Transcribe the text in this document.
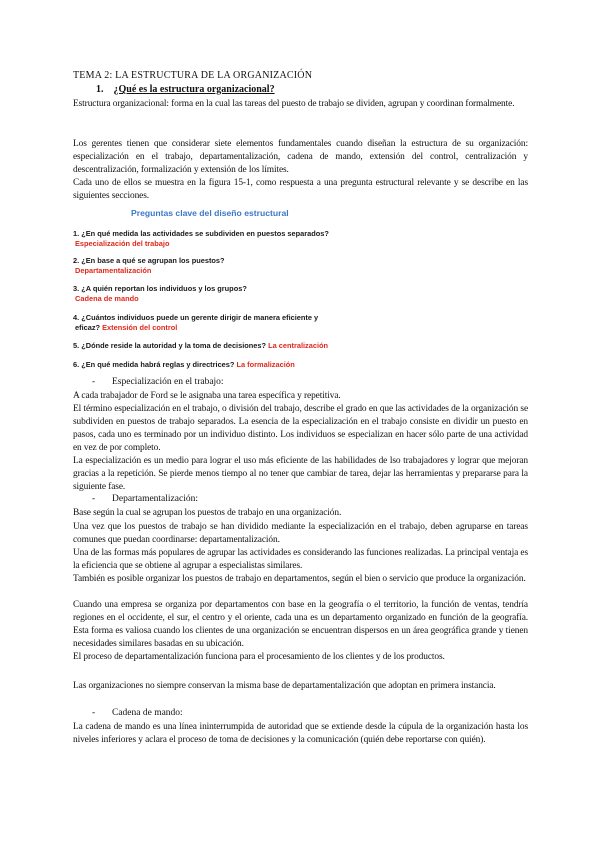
TEMA 2: LA ESTRUCTURA DE LA ORGANIZACIÓN
1. ¿Qué es la estructura organizacional?
Estructura organizacional: forma en la cual las tareas del puesto de trabajo se dividen, agrupan y coordinan formalmente.
Los gerentes tienen que considerar siete elementos fundamentales cuando diseñan la estructura de su organización: especialización en el trabajo, departamentalización, cadena de mando, extensión del control, centralización y descentralización, formalización y extensión de los límites.
Cada uno de ellos se muestra en la figura 15-1, como respuesta a una pregunta estructural relevante y se describe en las siguientes secciones.
Preguntas clave del diseño estructural
1. ¿En qué medida las actividades se subdividen en puestos separados?
Especialización del trabajo
2. ¿En base a qué se agrupan los puestos?
Departamentalización
3. ¿A quién reportan los individuos y los grupos?
Cadena de mando
4. ¿Cuántos individuos puede un gerente dirigir de manera eficiente y
eficaz? Extensión del control
5. ¿Dónde reside la autoridad y la toma de decisiones? La centralización
6. ¿En qué medida habrá reglas y directrices? La formalización
- Especialización en el trabajo:
A cada trabajador de Ford se le asignaba una tarea específica y repetitiva.
El término especialización en el trabajo, o división del trabajo, describe el grado en que las actividades de la organización se subdividen en puestos de trabajo separados. La esencia de la especialización en el trabajo consiste en dividir un puesto en pasos, cada uno es terminado por un individuo distinto. Los individuos se especializan en hacer sólo parte de una actividad en vez de por completo.
La especialización es un medio para lograr el uso más eficiente de las habilidades de lso trabajadores y lograr que mejoran gracias a la repetición. Se pierde menos tiempo al no tener que cambiar de tarea, dejar las herramientas y prepararse para la siguiente fase.
- Departamentalización:
Base según la cual se agrupan los puestos de trabajo en una organización.
Una vez que los puestos de trabajo se han dividido mediante la especialización en el trabajo, deben agruparse en tareas comunes que puedan coordinarse: departamentalización.
Una de las formas más populares de agrupar las actividades es considerando las funciones realizadas. La principal ventaja es la eficiencia que se obtiene al agrupar a especialistas similares.
También es posible organizar los puestos de trabajo en departamentos, según el bien o servicio que produce la organización.
Cuando una empresa se organiza por departamentos con base en la geografía o el territorio, la función de ventas, tendría regiones en el occidente, el sur, el centro y el oriente, cada una es un departamento organizado en función de la geografía. Esta forma es valiosa cuando los clientes de una organización se encuentran dispersos en un área geográfica grande y tienen necesidades similares basadas en su ubicación.
El proceso de departamentalización funciona para el procesamiento de los clientes y de los productos.
Las organizaciones no siempre conservan la misma base de departamentalización que adoptan en primera instancia.
- Cadena de mando:
La cadena de mando es una línea ininterrumpida de autoridad que se extiende desde la cúpula de la organización hasta los niveles inferiores y aclara el proceso de toma de decisiones y la comunicación (quién debe reportarse con quién).
